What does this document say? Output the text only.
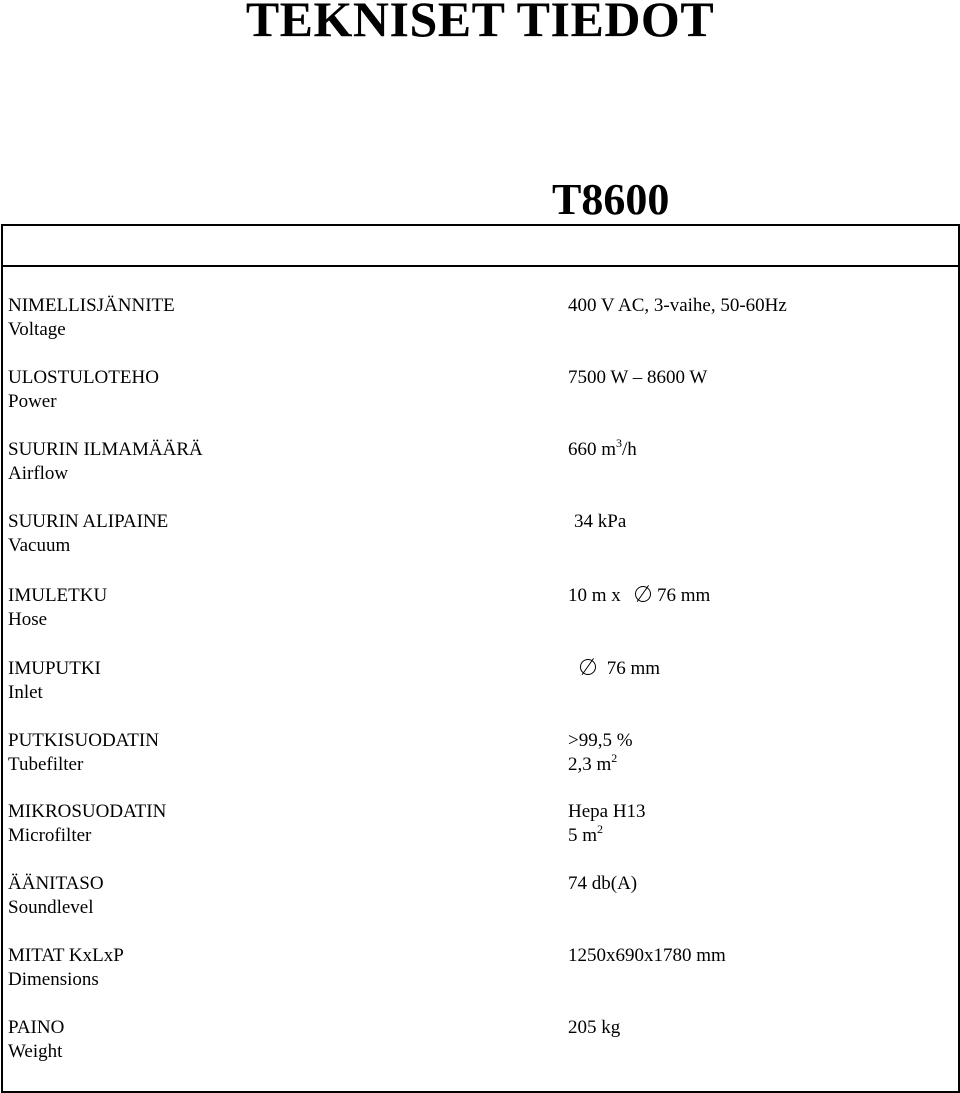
TEKNISET TIEDOT
T8600
NIMELLISJÄNNITE
Voltage
400 V AC, 3-vaihe, 50-60Hz
ULOSTULOTEHO
Power
7500 W – 8600 W
SUURIN ILMAMÄÄRÄ
Airflow
660 $m^3/h$
SUURIN ALIPAINE
Vacuum
34 kPa
IMULETKU
Hose
10 m x 76 mm
IMUPUTKI
Inlet
76 mm
PUTKISUODATIN
Tubefilter
>99,5 %
2,3 $m^2$
MIKROSUODATIN
Microfilter
Hepa H13
5 $m^2$
ÄÄNITASO
Soundlevel
74 db(A)
MITAT KxLxP
Dimensions
1250x690x1780 mm
PAINO
Weight
205 kg
